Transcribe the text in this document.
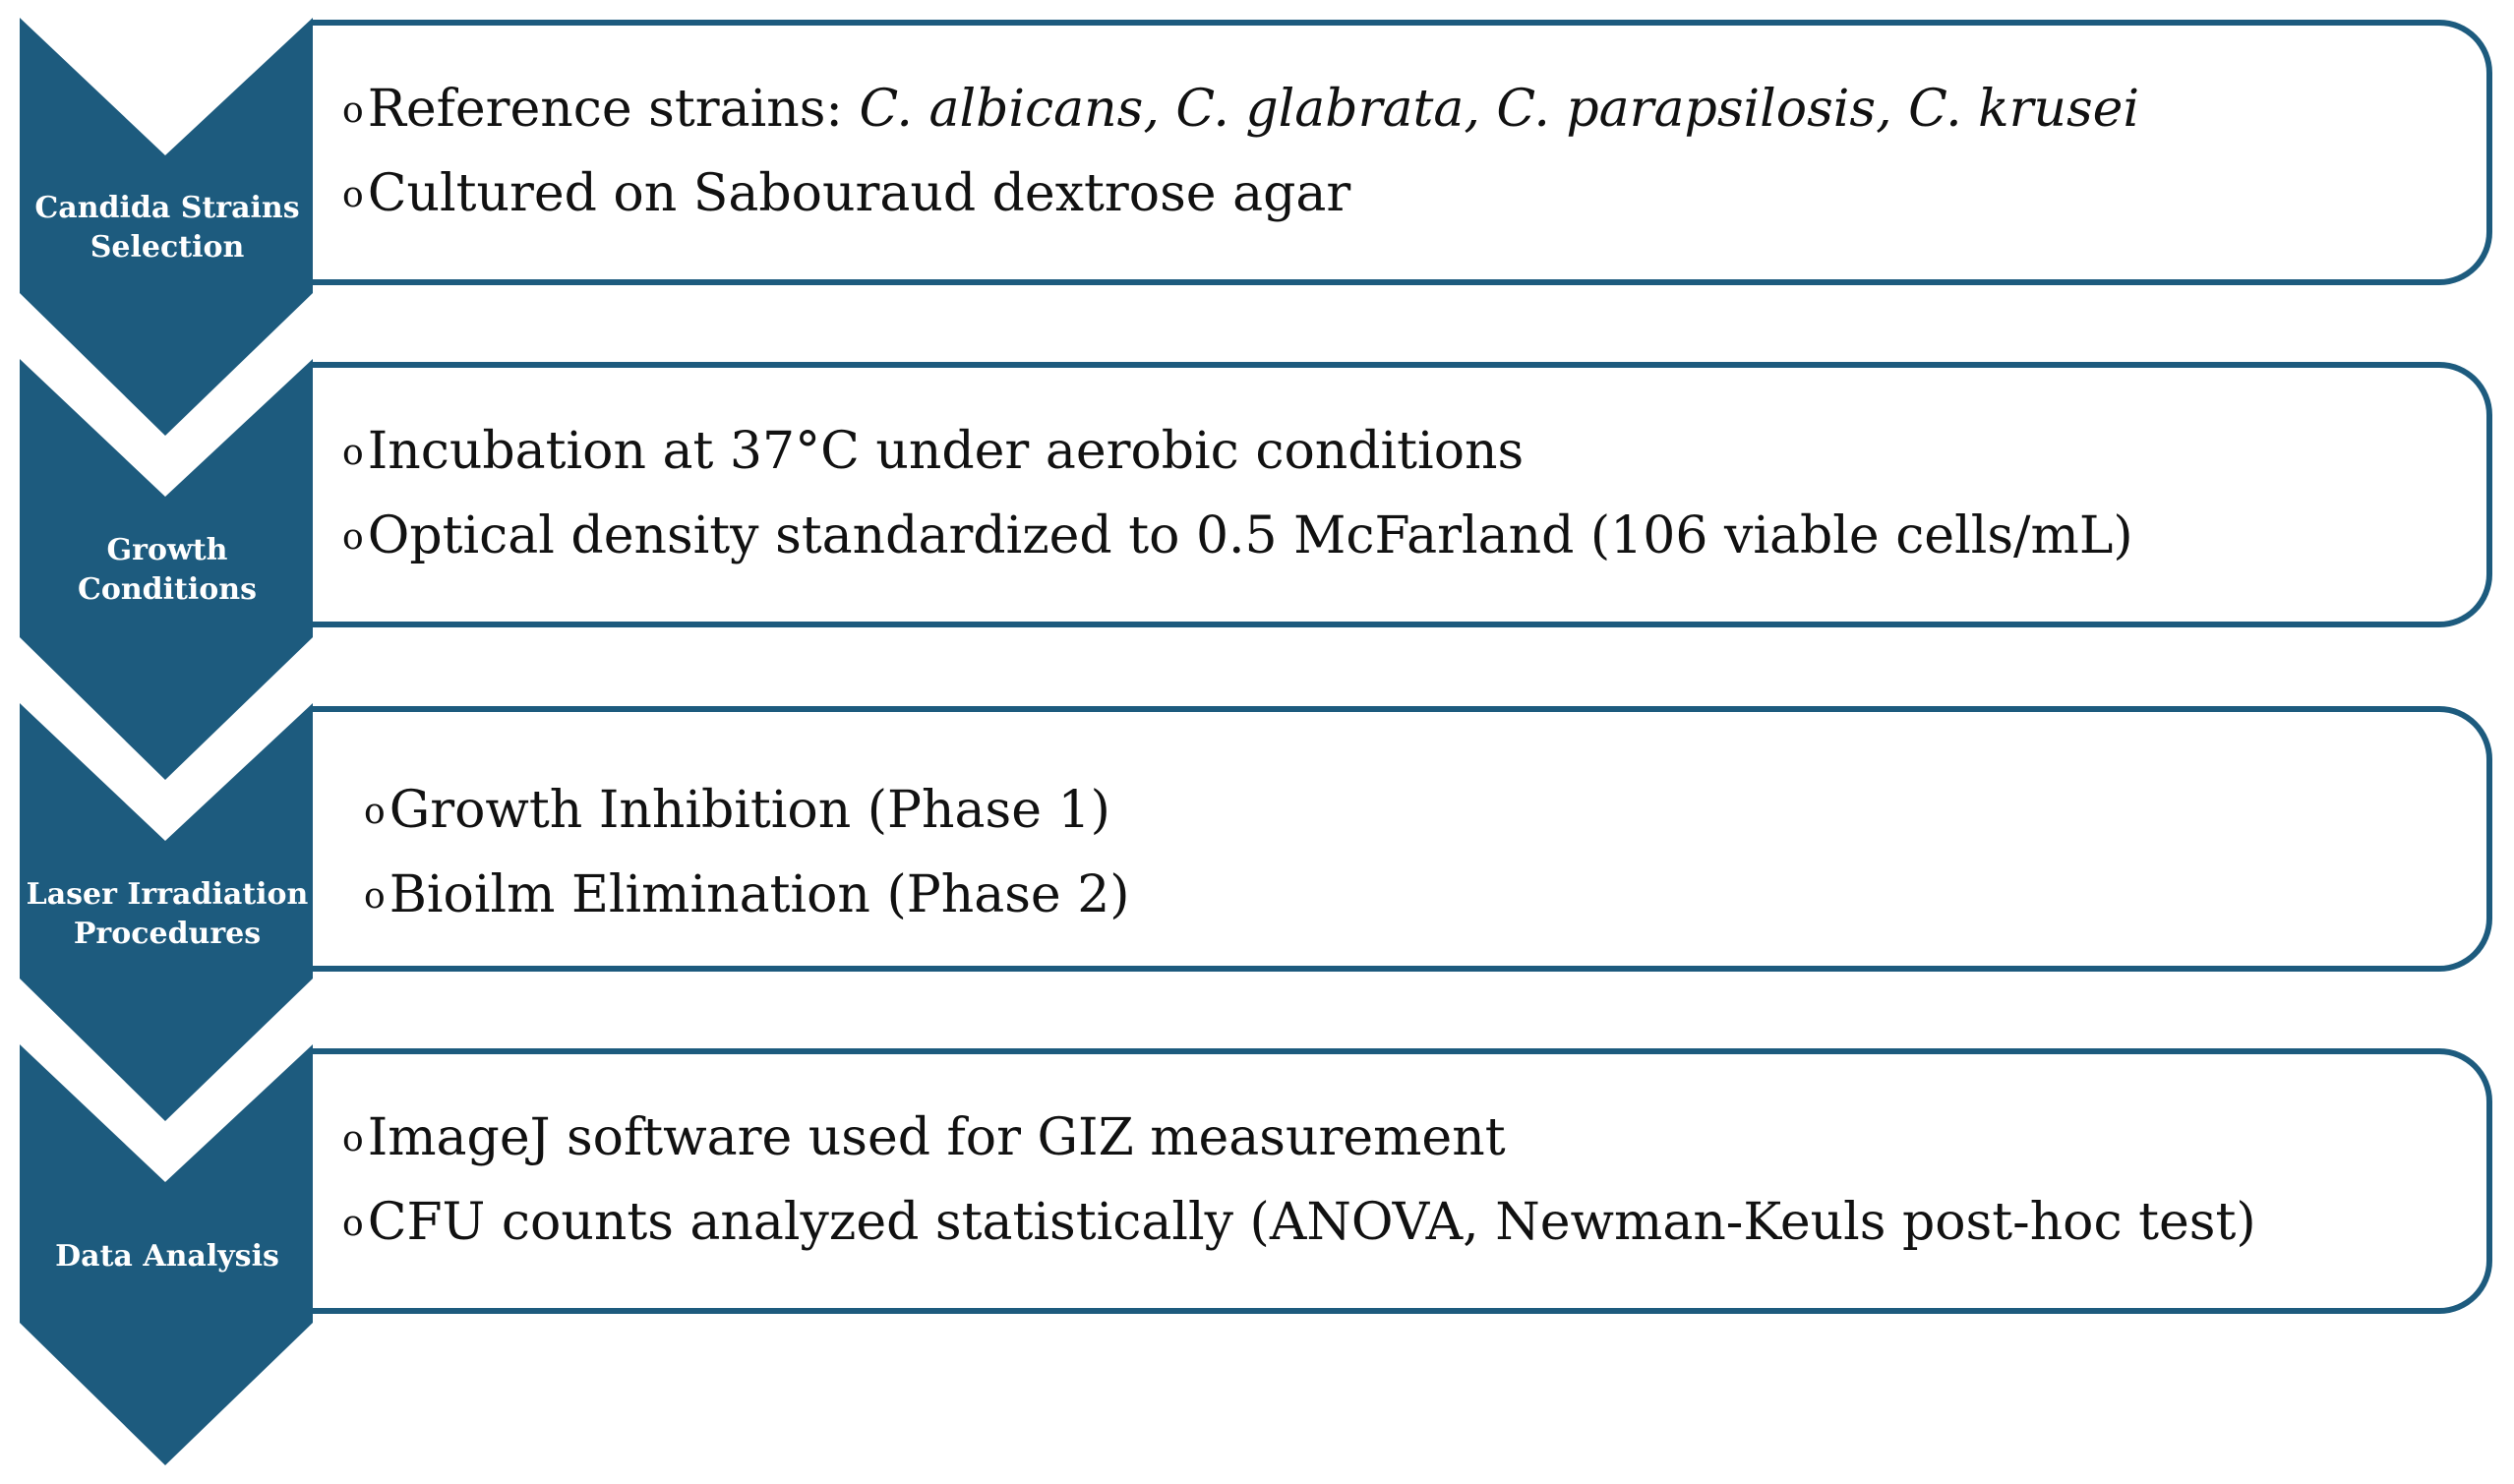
Candida Strains
Selection
Growth
Conditions
Laser Irradiation
Procedures
Data Analysis
oReference strains: C. albicans, C. glabrata, C. parapsilosis, C. krusei
oCultured on Sabouraud dextrose agar
oIncubation at 37°C under aerobic conditions
oOptical density standardized to 0.5 McFarland (106 viable cells/mL)
oGrowth Inhibition (Phase 1)
oBioilm Elimination (Phase 2)
oImageJ software used for GIZ measurement
oCFU counts analyzed statistically (ANOVA, Newman-Keuls post-hoc test)
